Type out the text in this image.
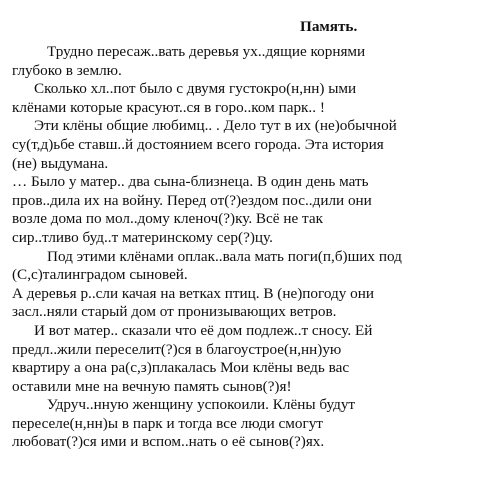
Память.
Трудно пересаж..вать деревья ух..дящие корнями
глубоко в землю.
Сколько хл..пот было с двумя густокро(н,нн) ыми
клёнами которые красуют..ся в горо..ком парк.. !
Эти клёны общие любимц.. . Дело тут в их (не)обычной
су(т,д)ьбе ставш..й достоянием всего города. Эта история
(не) выдумана.
… Было у матер.. два сына-близнеца. В один день мать
пров..дила их на войну. Перед от(?)ездом пос..дили они
возле дома по мол..дому кленоч(?)ку. Всё не так
сир..тливо буд..т материнскому сер(?)цу.
Под этими клёнами оплак..вала мать поги(п,б)ших под
(С,с)талинградом сыновей.
А деревья р..сли качая на ветках птиц. В (не)погоду они
засл..няли старый дом от пронизывающих ветров.
И вот матер.. сказали что её дом подлеж..т сносу. Ей
предл..жили переселит(?)ся в благоустрое(н,нн)ую
квартиру а она ра(с,з)плакалась Мои клёны ведь вас
оставили мне на вечную память сынов(?)я!
Удруч..нную женщину успокоили. Клёны будут
переселе(н,нн)ы в парк и тогда все люди смогут
любоват(?)ся ими и вспом..нать о её сынов(?)ях.
